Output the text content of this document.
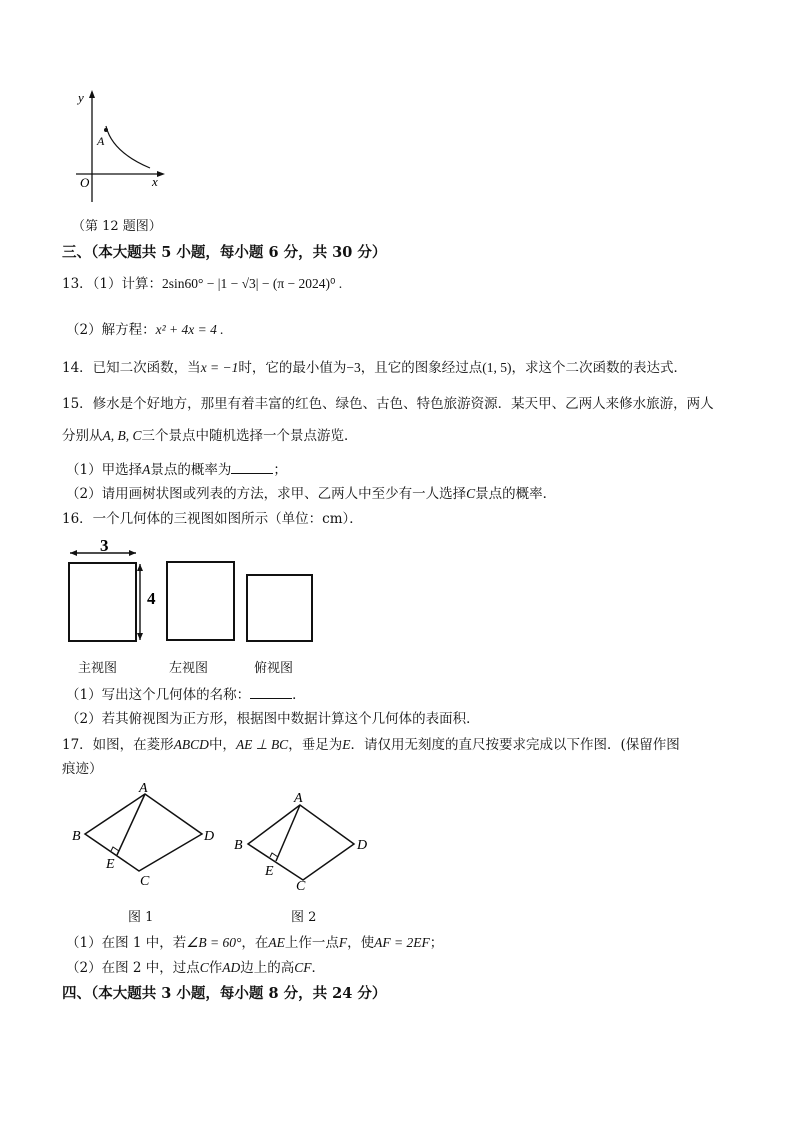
y
A
O	x
（第 12 题图）
三、（本大题共 5 小题，每小题 6 分，共 30 分）
13．（1）计算：2sin60° − |1 − √3| − (π − 2024)⁰ .
（2）解方程：x² + 4x = 4 .
14．已知二次函数，当x = −1时，它的最小值为−3，且它的图象经过点(1, 5)，求这个二次函数的表达式．
15．修水是个好地方，那里有着丰富的红色、绿色、古色、特色旅游资源．某天甲、乙两人来修水旅游，两人
分别从A, B, C三个景点中随机选择一个景点游览．
（1）甲选择A景点的概率为	；
（2）请用画树状图或列表的方法，求甲、乙两人中至少有一人选择C景点的概率．
16．一个几何体的三视图如图所示（单位：cm）．
3
4
主视图	左视图	俯视图
（1）写出这个几何体的名称：	．
（2）若其俯视图为正方形，根据图中数据计算这个几何体的表面积．
17．如图，在菱形ABCD中，AE ⊥ BC，垂足为E．请仅用无刻度的直尺按要求完成以下作图．(保留作图
痕迹）
A
B	D
E
C
A
B	D
E
C
图 1	图 2
（1）在图 1 中，若∠B = 60°，在AE上作一点F，使AF = 2EF；
（2）在图 2 中，过点C作AD边上的高CF．
四、（本大题共 3 小题，每小题 8 分，共 24 分）
